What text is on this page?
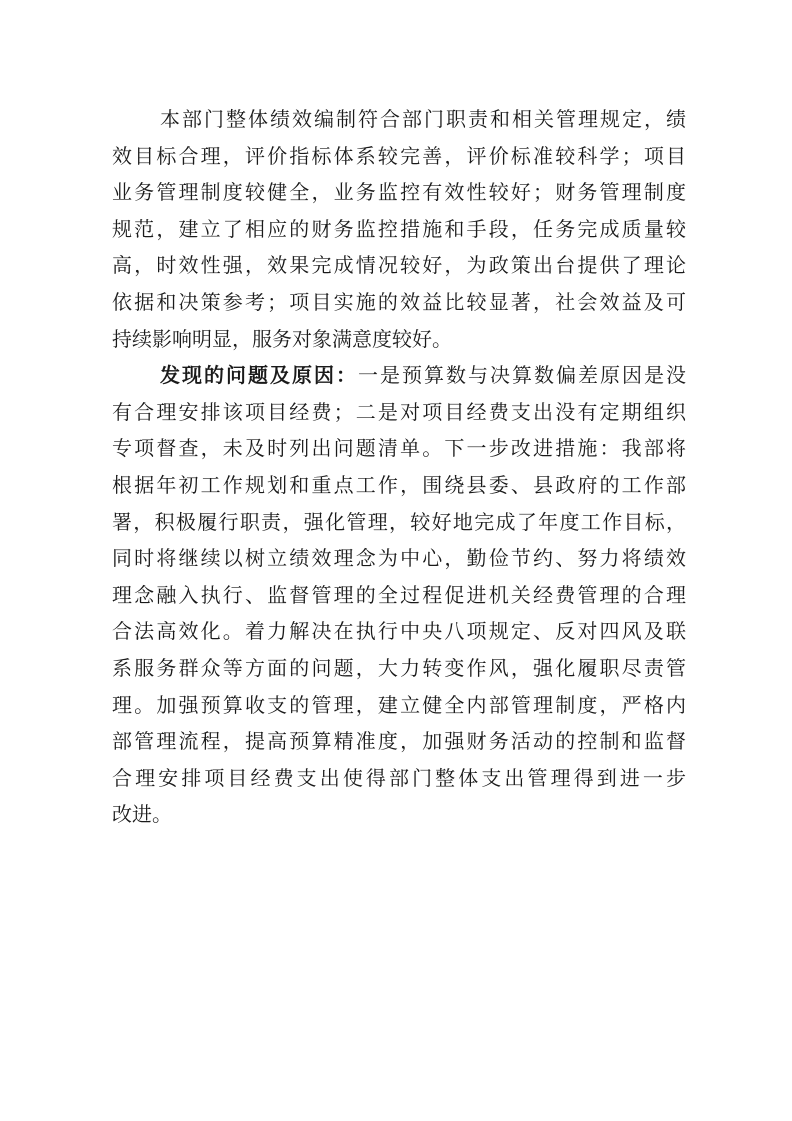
本部门整体绩效编制符合部门职责和相关管理规定，绩
效目标合理，评价指标体系较完善，评价标准较科学；项目
业务管理制度较健全，业务监控有效性较好；财务管理制度
规范，建立了相应的财务监控措施和手段，任务完成质量较
高，时效性强，效果完成情况较好，为政策出台提供了理论
依据和决策参考；项目实施的效益比较显著，社会效益及可
持续影响明显，服务对象满意度较好。
发现的问题及原因：一是预算数与决算数偏差原因是没
有合理安排该项目经费；二是对项目经费支出没有定期组织
专项督查，未及时列出问题清单。下一步改进措施：我部将
根据年初工作规划和重点工作，围绕县委、县政府的工作部
署，积极履行职责，强化管理，较好地完成了年度工作目标，
同时将继续以树立绩效理念为中心，勤俭节约、努力将绩效
理念融入执行、监督管理的全过程促进机关经费管理的合理
合法高效化。着力解决在执行中央八项规定、反对四风及联
系服务群众等方面的问题，大力转变作风，强化履职尽责管
理。加强预算收支的管理，建立健全内部管理制度，严格内
部管理流程，提高预算精准度，加强财务活动的控制和监督
合理安排项目经费支出使得部门整体支出管理得到进一步
改进。
